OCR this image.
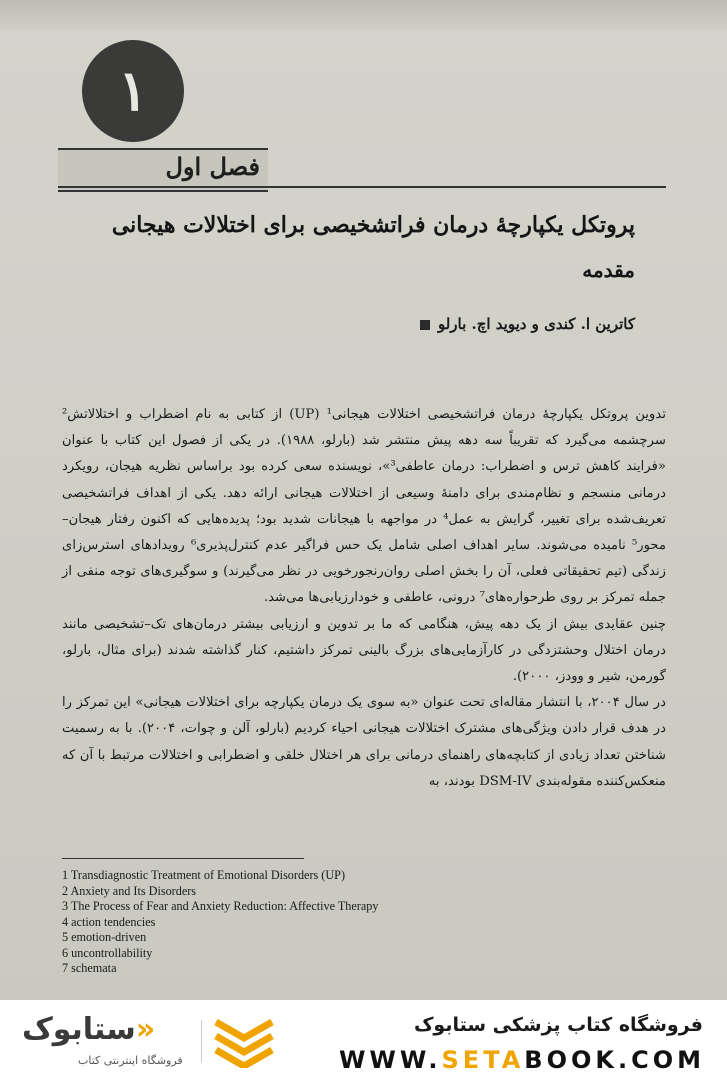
۱
فصل اول
پروتکل یکپارچهٔ درمان فراتشخیصی برای اختلالات هیجانی
مقدمه
کاترین ا. کندی و دیوید اچ. بارلو

تدوین پروتکل یکپارچهٔ درمان فراتشخیصی اختلالات هیجانی¹ (UP) از کتابی به نام اضطراب و اختلالاتش² سرچشمه می‌گیرد که تقریباً سه دهه پیش منتشر شد (بارلو، ۱۹۸۸). در یکی از فصول این کتاب با عنوان «فرایند کاهش ترس و اضطراب: درمان عاطفی³»، نویسنده سعی کرده بود براساس نظریه هیجان، رویکرد درمانی منسجم و نظام‌مندی برای دامنهٔ وسیعی از اختلالات هیجانی ارائه دهد. یکی از اهداف فراتشخیصی تعریف‌شده برای تغییر، گرایش به عمل⁴ در مواجهه با هیجانات شدید بود؛ پدیده‌هایی که اکنون رفتار هیجان–محور⁵ نامیده می‌شوند. سایر اهداف اصلی شامل یک حس فراگیر عدم کنترل‌پذیری⁶ رویدادهای استرس‌زای زندگی (تیم تحقیقاتی فعلی، آن را بخش اصلی روان‌رنجورخویی در نظر می‌گیرند) و سوگیری‌های توجه منفی از جمله تمرکز بر روی طرحواره‌های⁷ درونی، عاطفی و خودارزیابی‌ها می‌شد.

چنین عقایدی بیش از یک دهه پیش، هنگامی که ما بر تدوین و ارزیابی بیشتر درمان‌های تک‌–تشخیصی مانند درمان اختلال وحشتزدگی در کارآزمایی‌های بزرگ بالینی تمرکز داشتیم، کنار گذاشته شدند (برای مثال، بارلو، گورمن، شیر و وودز، ۲۰۰۰).

در سال ۲۰۰۴، با انتشار مقاله‌ای تحت عنوان «به سوی یک درمان یکپارچه برای اختلالات هیجانی» این تمرکز را در هدف قرار دادن ویژگی‌های مشترک اختلالات هیجانی احیاء کردیم (بارلو، آلن و چوات، ۲۰۰۴). با به رسمیت شناختن تعداد زیادی از کتابچه‌های راهنمای درمانی برای هر اختلال خلقی و اضطرابی و اختلالات مرتبط با آن که منعکس‌کننده مقوله‌بندی DSM-IV بودند، به

1 Transdiagnostic Treatment of Emotional Disorders (UP)
2 Anxiety and Its Disorders
3 The Process of Fear and Anxiety Reduction: Affective Therapy
4 action tendencies
5 emotion-driven
6 uncontrollability
7 schemata
«ستابوک
فروشگاه اینترنتی کتاب
فروشگاه کتاب پزشکی ستابوک
WWW.SETABOOK.COM
